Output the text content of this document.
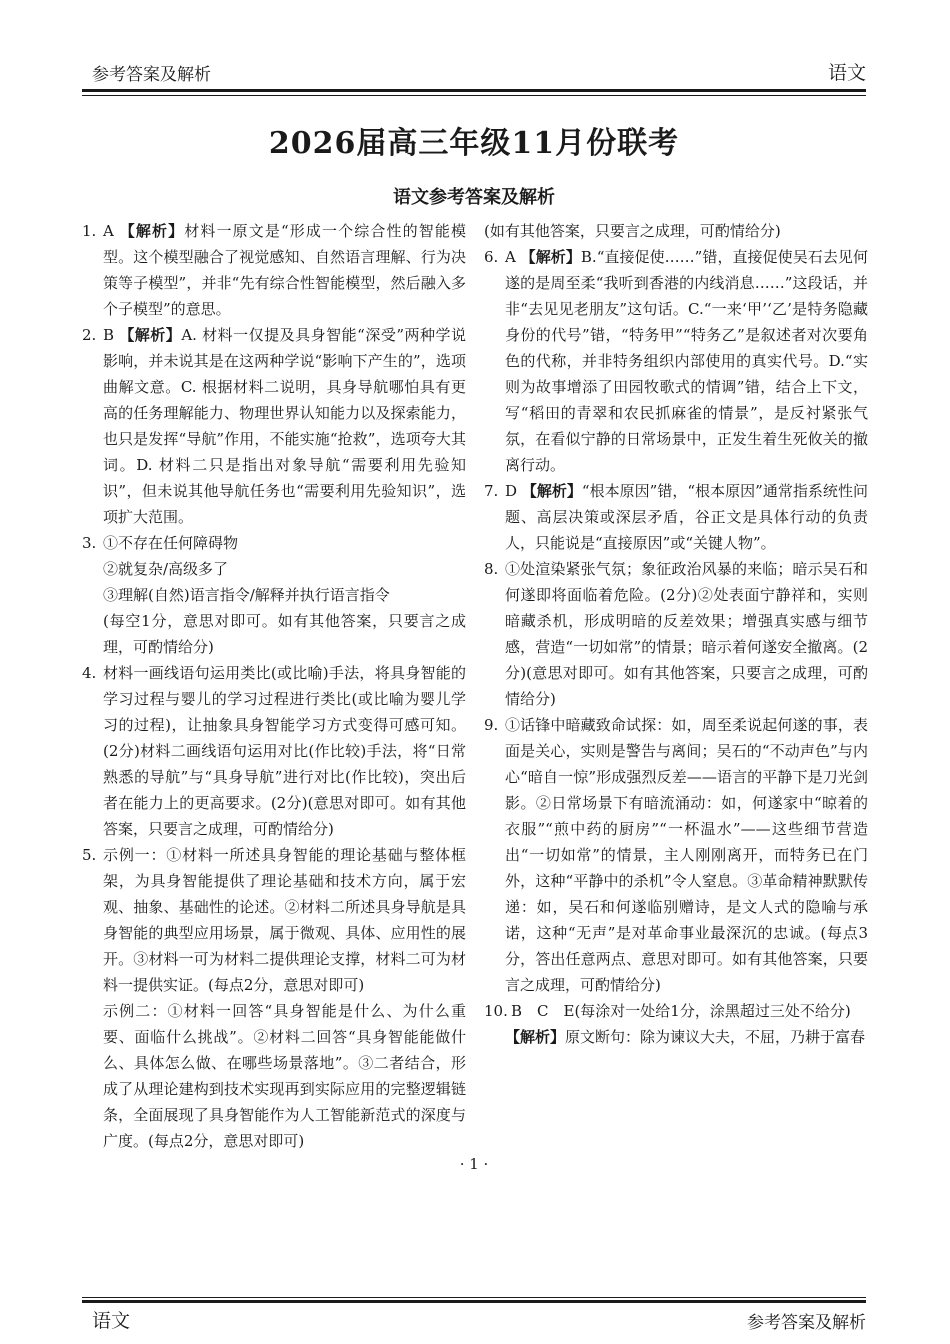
参考答案及解析	语文
2026届高三年级11月份联考
语文参考答案及解析
1. A 【解析】材料一原文是“形成一个综合性的智能模型。这个模型融合了视觉感知、自然语言理解、行为决策等子模型”，并非“先有综合性智能模型，然后融入多个子模型”的意思。
2. B 【解析】A. 材料一仅提及具身智能“深受”两种学说影响，并未说其是在这两种学说“影响下产生的”，选项曲解文意。C. 根据材料二说明，具身导航哪怕具有更高的任务理解能力、物理世界认知能力以及探索能力，也只是发挥“导航”作用，不能实施“抢救”，选项夸大其词。D. 材料二只是指出对象导航“需要利用先验知识”，但未说其他导航任务也“需要利用先验知识”，选项扩大范围。
3. ①不存在任何障碍物
②就复杂/高级多了
③理解(自然)语言指令/解释并执行语言指令
(每空1分，意思对即可。如有其他答案，只要言之成理，可酌情给分)
4. 材料一画线语句运用类比(或比喻)手法，将具身智能的学习过程与婴儿的学习过程进行类比(或比喻为婴儿学习的过程)，让抽象具身智能学习方式变得可感可知。(2分)材料二画线语句运用对比(作比较)手法，将“日常熟悉的导航”与“具身导航”进行对比(作比较)，突出后者在能力上的更高要求。(2分)(意思对即可。如有其他答案，只要言之成理，可酌情给分)
5. 示例一：①材料一所述具身智能的理论基础与整体框架，为具身智能提供了理论基础和技术方向，属于宏观、抽象、基础性的论述。②材料二所述具身导航是具身智能的典型应用场景，属于微观、具体、应用性的展开。③材料一可为材料二提供理论支撑，材料二可为材料一提供实证。(每点2分，意思对即可)
示例二：①材料一回答“具身智能是什么、为什么重要、面临什么挑战”。②材料二回答“具身智能能做什么、具体怎么做、在哪些场景落地”。③二者结合，形成了从理论建构到技术实现再到实际应用的完整逻辑链条，全面展现了具身智能作为人工智能新范式的深度与广度。(每点2分，意思对即可)
(如有其他答案，只要言之成理，可酌情给分)
6. A 【解析】B.“直接促使……”错，直接促使吴石去见何遂的是周至柔“我听到香港的内线消息……”这段话，并非“去见见老朋友”这句话。C.“一来‘甲’‘乙’是特务隐藏身份的代号”错，“特务甲”“特务乙”是叙述者对次要角色的代称，并非特务组织内部使用的真实代号。D.“实则为故事增添了田园牧歌式的情调”错，结合上下文，写“稻田的青翠和农民抓麻雀的情景”，是反衬紧张气氛，在看似宁静的日常场景中，正发生着生死攸关的撤离行动。
7. D 【解析】“根本原因”错，“根本原因”通常指系统性问题、高层决策或深层矛盾，谷正文是具体行动的负责人，只能说是“直接原因”或“关键人物”。
8. ①处渲染紧张气氛；象征政治风暴的来临；暗示吴石和何遂即将面临着危险。(2分)②处表面宁静祥和，实则暗藏杀机，形成明暗的反差效果；增强真实感与细节感，营造“一切如常”的情景；暗示着何遂安全撤离。(2分)(意思对即可。如有其他答案，只要言之成理，可酌情给分)
9. ①话锋中暗藏致命试探：如，周至柔说起何遂的事，表面是关心，实则是警告与离间；吴石的“不动声色”与内心“暗自一惊”形成强烈反差——语言的平静下是刀光剑影。②日常场景下有暗流涌动：如，何遂家中“晾着的衣服”“煎中药的厨房”“一杯温水”——这些细节营造出“一切如常”的情景，主人刚刚离开，而特务已在门外，这种“平静中的杀机”令人窒息。③革命精神默默传递：如，吴石和何遂临别赠诗，是文人式的隐喻与承诺，这种“无声”是对革命事业最深沉的忠诚。(每点3分，答出任意两点、意思对即可。如有其他答案，只要言之成理，可酌情给分)
10. B　C　E(每涂对一处给1分，涂黑超过三处不给分)
【解析】原文断句：除为谏议大夫，不屈，乃耕于富春
· 1 ·
语文	参考答案及解析
